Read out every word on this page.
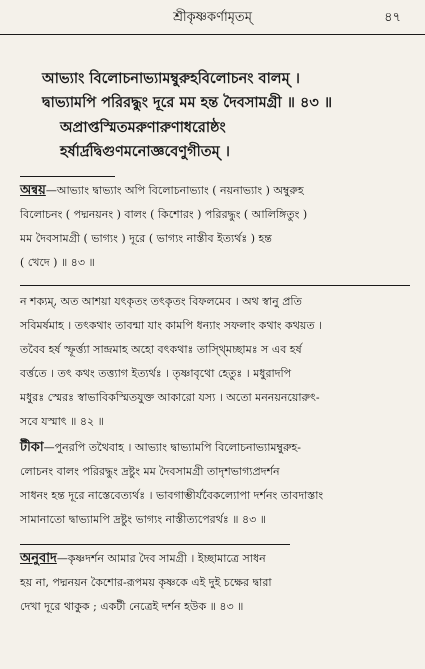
শ্রীকৃষ্ণকর্ণামৃতম্	৪৭
আভ্যাং বিলোচনাভ্যামম্বুরুহবিলোচনং বালম্ ।
দ্বাভ্যামপি পরিরদ্ধুং দূরে মম হন্ত দৈবসামগ্রী ॥ ৪৩ ॥
অপ্রাপ্তস্মিতমরুণারুণাধরোষ্ঠং
হর্ষার্দ্রদ্বিগুণমনোজ্ঞবেণুগীতম্ ।
অন্বয়—আভ্যাং দ্বাভ্যাং অপি বিলোচনাভ্যাং ( নয়নাভ্যাং ) অম্বুরুহ
বিলোচনং ( পদ্মনয়নং ) বালং ( কিশোরং ) পরিরদ্ধুং ( আলিঙ্গিতুং )
মম দৈবসামগ্রী ( ভাগ্যং ) দূরে ( ভাগ্যং নাস্তীব ইত্যর্থঃ ) হন্ত
( খেদে ) ॥ ৪৩ ॥
ন শক্যম্, অত আশয়া যৎকৃতং তৎকৃতং বিফলমেব । অথ স্বানু প্রতি
সবিমর্ষমাহ । তৎকথাং তাবন্মা যাং কামপি ধন্যাং সফলাং কথাং কথয়ত ।
তবৈব হর্ষ স্ফূর্ত্ত্যা সান্দ্রমাহ অহো বৎকথাঃ তাস্থ্মিচ্ছামঃ স এব হর্ষ
বর্ত্ততে । তৎ কথং তত্ত্যাগ ইত্যর্থঃ । তৃষ্ণাবৃথো হেতুঃ । মধুরাদপি
মধুরঃ স্মেরঃ স্বাভাবিকস্মিতযুক্ত আকারো যস্য । অতো মননয়নয়োরুৎ-
সবে যস্মাৎ ॥ ৪২ ॥
টীকা—পুনরপি তথৈবাহ । আভ্যাং দ্বাভ্যামপি বিলোচনাভ্যামম্বুরুহ-
লোচনং বালং পরিরদ্ধুং দ্রষ্টুং মম দৈবসামগ্রী তাদৃশভাগ্যপ্রদর্শন
সাধনং হন্ত দূরে নাস্তেবেত্যর্থঃ । ভাবগাম্ভীর্যবৈকল্যোপা দর্শনং তাবদাস্তাং
সামানাতো দ্বাভ্যামপি দ্রষ্টুং ভাগ্যং নাস্তীত্যপেরর্থঃ ॥ ৪৩ ॥
অনুবাদ—কৃষ্ণদর্শন আমার দৈব সামগ্রী । ইচ্ছামাত্রে সাধন
হয় না, পদ্মনয়ন কৈশোর-রূপময় কৃষ্ণকে এই দুই চক্ষের দ্বারা
দেখা দূরে থাকুক ; একটী নেত্রেই দর্শন হউক ॥ ৪৩ ॥
